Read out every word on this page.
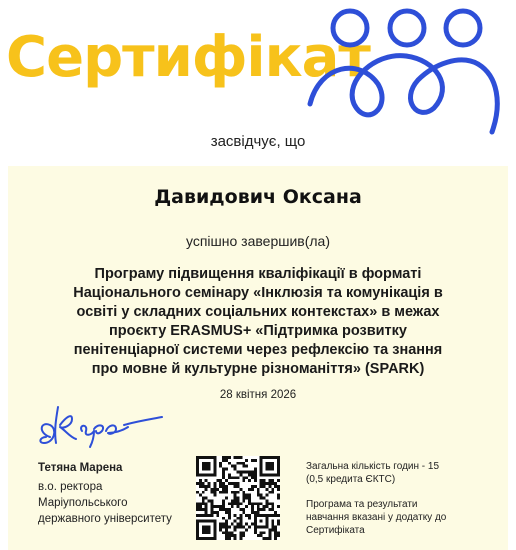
Сертифікат
засвідчує, що
Давидович Оксана
успішно завершив(ла)
Програму підвищення кваліфікації в форматі
Національного семінару «Інклюзія та комунікація в
освіті у складних соціальних контекстах» в межах
проєкту ERASMUS+ «Підтримка розвитку
пенітенціарної системи через рефлексію та знання
про мовне й культурне різноманіття» (SPARK)
28 квітня 2026
Тетяна Марена
в.о. ректора
Маріупольського
державного університету
Загальна кількість годин - 15
(0,5 кредита ЄКТС)
Програма та результати
навчання вказані у додатку до
Сертифіката
